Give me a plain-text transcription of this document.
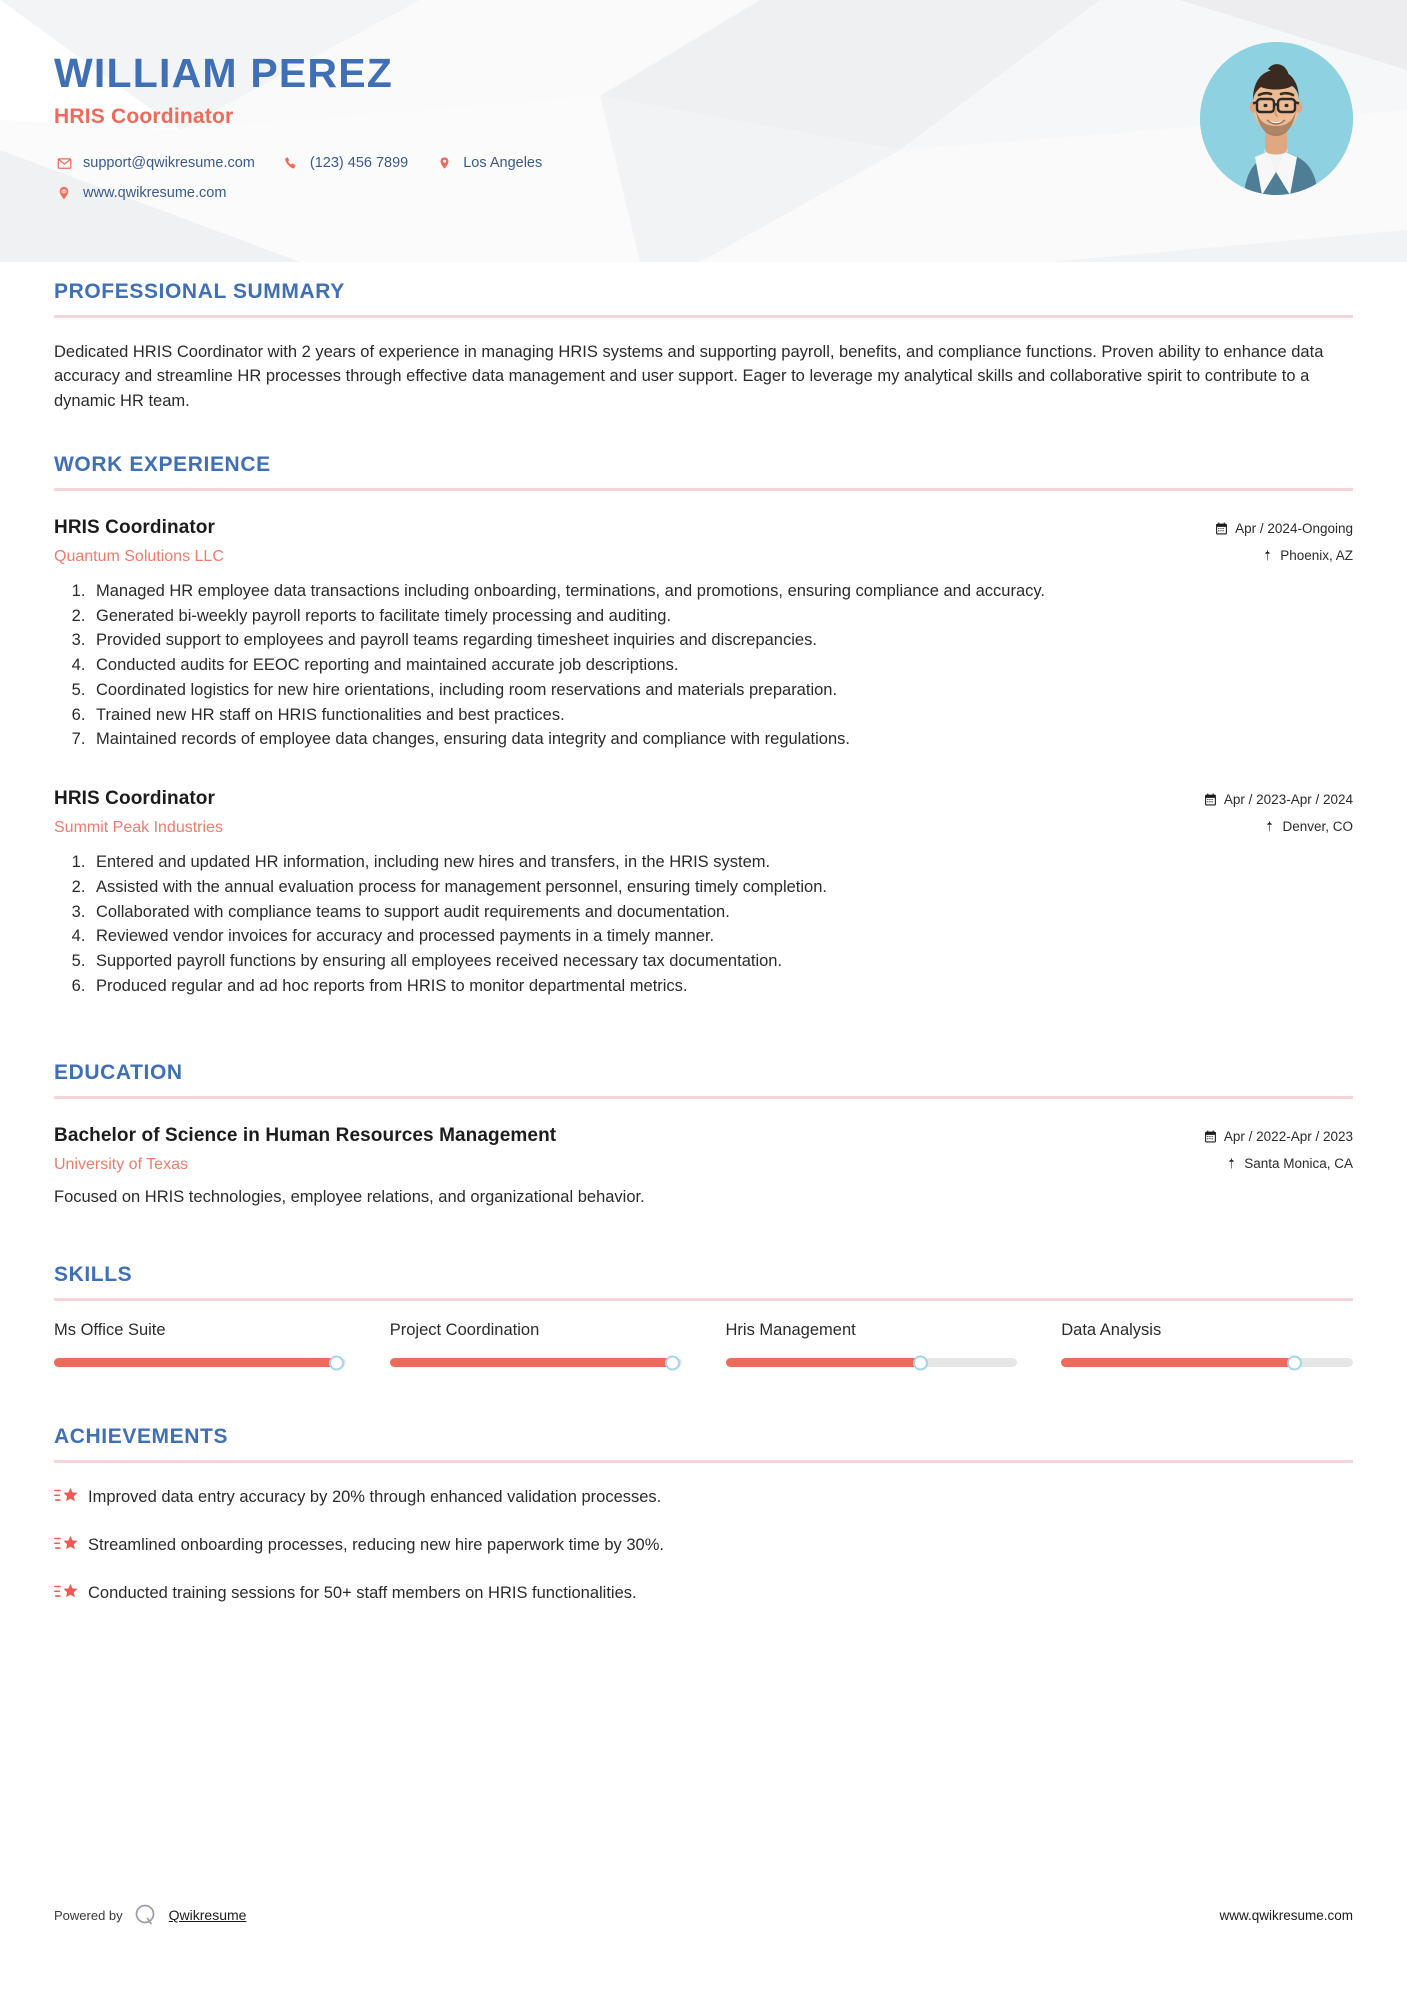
WILLIAM PEREZ
HRIS Coordinator
support@qwikresume.com	(123) 456 7899	Los Angeles
www.qwikresume.com
PROFESSIONAL SUMMARY

Dedicated HRIS Coordinator with 2 years of experience in managing HRIS systems and supporting payroll, benefits, and compliance functions. Proven ability to enhance data accuracy and streamline HR processes through effective data management and user support. Eager to leverage my analytical skills and collaborative spirit to contribute to a dynamic HR team.

WORK EXPERIENCE
HRIS Coordinator
Quantum Solutions LLC
Apr / 2024-Ongoing
Phoenix, AZ
1. Managed HR employee data transactions including onboarding, terminations, and promotions, ensuring compliance and accuracy.
2. Generated bi-weekly payroll reports to facilitate timely processing and auditing.
3. Provided support to employees and payroll teams regarding timesheet inquiries and discrepancies.
4. Conducted audits for EEOC reporting and maintained accurate job descriptions.
5. Coordinated logistics for new hire orientations, including room reservations and materials preparation.
6. Trained new HR staff on HRIS functionalities and best practices.
7. Maintained records of employee data changes, ensuring data integrity and compliance with regulations.
HRIS Coordinator
Summit Peak Industries
Apr / 2023-Apr / 2024
Denver, CO
1. Entered and updated HR information, including new hires and transfers, in the HRIS system.
2. Assisted with the annual evaluation process for management personnel, ensuring timely completion.
3. Collaborated with compliance teams to support audit requirements and documentation.
4. Reviewed vendor invoices for accuracy and processed payments in a timely manner.
5. Supported payroll functions by ensuring all employees received necessary tax documentation.
6. Produced regular and ad hoc reports from HRIS to monitor departmental metrics.
EDUCATION
Bachelor of Science in Human Resources Management
University of Texas
Apr / 2022-Apr / 2023
Santa Monica, CA
Focused on HRIS technologies, employee relations, and organizational behavior.
SKILLS
Ms Office Suite	Project Coordination	Hris Management	Data Analysis
ACHIEVEMENTS
Improved data entry accuracy by 20% through enhanced validation processes.
Streamlined onboarding processes, reducing new hire paperwork time by 30%.
Conducted training sessions for 50+ staff members on HRIS functionalities.
Powered by	Qwikresume	www.qwikresume.com
